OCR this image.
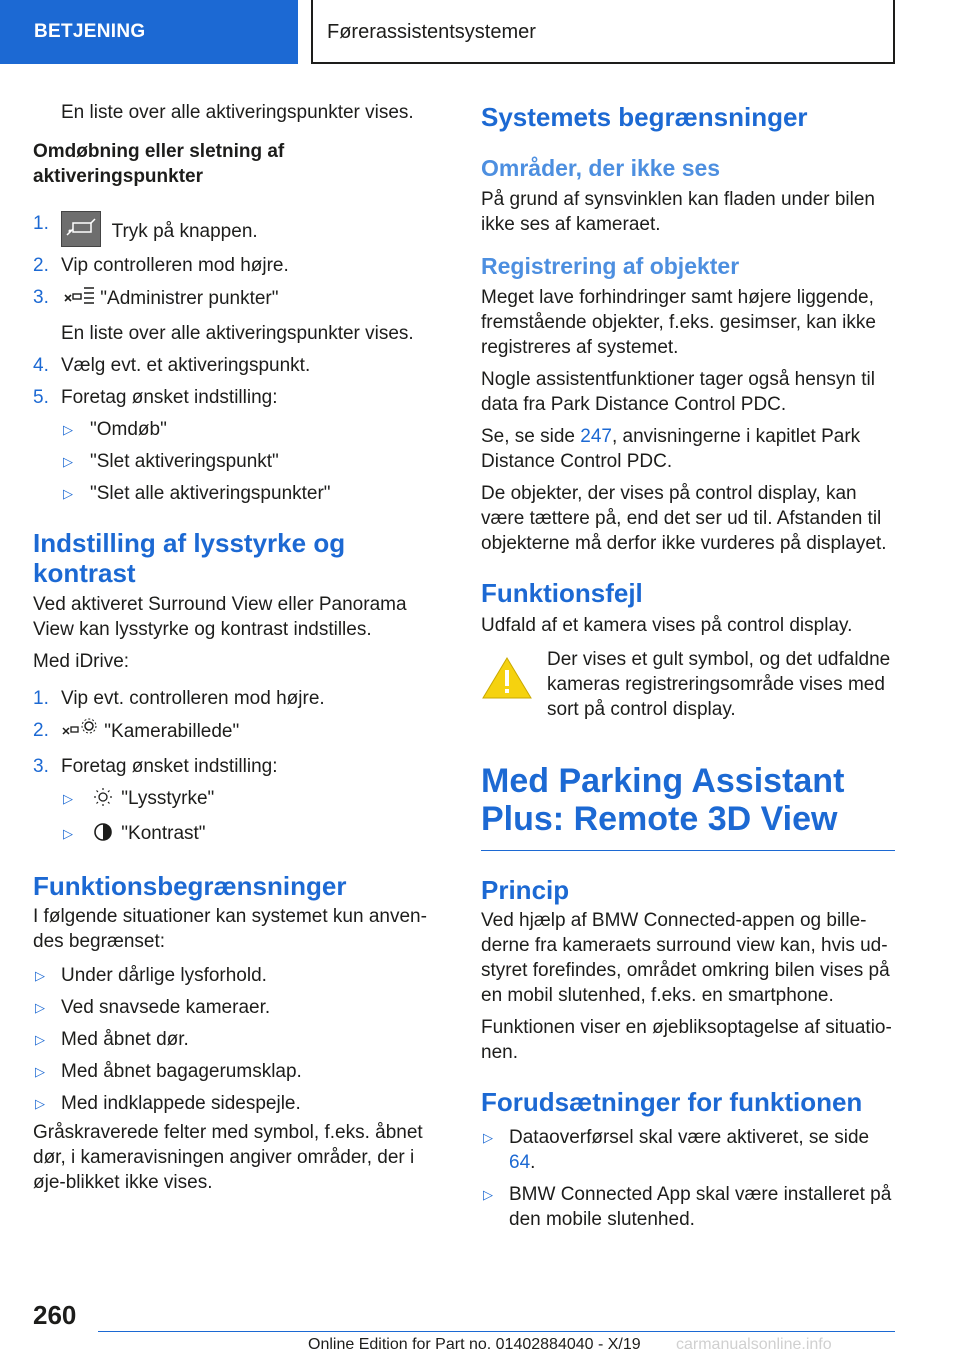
BETJENING	Førerassistentsystemer

En liste over alle aktiveringspunkter vises.

Omdøbning eller sletning af aktiveringspunkter

1.	Tryk på knappen.
2. Vip controlleren mod højre.
3.	"Administrer punkter"
En liste over alle aktiveringspunkter vises.
4. Vælg evt. et aktiveringspunkt.
5. Foretag ønsket indstilling:
▷ "Omdøb"
▷ "Slet aktiveringspunkt"
▷ "Slet alle aktiveringspunkter"
Indstilling af lysstyrke og kontrast

Ved aktiveret Surround View eller Panorama View kan lysstyrke og kontrast indstilles.

Med iDrive:

1. Vip evt. controlleren mod højre.
2.	"Kamerabillede"
3. Foretag ønsket indstilling:
▷	"Lysstyrke"
▷	"Kontrast"
Funktionsbegrænsninger

I følgende situationer kan systemet kun anven-des begrænset:

▷ Under dårlige lysforhold.
▷ Ved snavsede kameraer.
▷ Med åbnet dør.
▷ Med åbnet bagagerumsklap.
▷ Med indklappede sidespejle.

Gråskraverede felter med symbol, f.eks. åbnet dør, i kameravisningen angiver områder, der i øje-blikket ikke vises.

Systemets begrænsninger
Områder, der ikke ses

På grund af synsvinklen kan fladen under bilen ikke ses af kameraet.

Registrering af objekter

Meget lave forhindringer samt højere liggende, fremstående objekter, f.eks. gesimser, kan ikke registreres af systemet.

Nogle assistentfunktioner tager også hensyn til data fra Park Distance Control PDC.

Se, se side 247, anvisningerne i kapitlet Park Distance Control PDC.

De objekter, der vises på control display, kan være tættere på, end det ser ud til. Afstanden til objekterne må derfor ikke vurderes på displayet.

Funktionsfejl

Udfald af et kamera vises på control display.

Der vises et gult symbol, og det udfaldne kameras registreringsområde vises med sort på control display.

Med Parking Assistant Plus: Remote 3D View
Princip

Ved hjælp af BMW Connected-appen og bille-derne fra kameraets surround view kan, hvis ud-styret forefindes, området omkring bilen vises på en mobil slutenhed, f.eks. en smartphone.

Funktionen viser en øjebliksoptagelse af situatio-nen.

Forudsætninger for funktionen
▷ Dataoverførsel skal være aktiveret, se side 64.
▷ BMW Connected App skal være installeret på den mobile slutenhed.
260
Online Edition for Part no. 01402884040 - X/19 carmanualsonline.info
